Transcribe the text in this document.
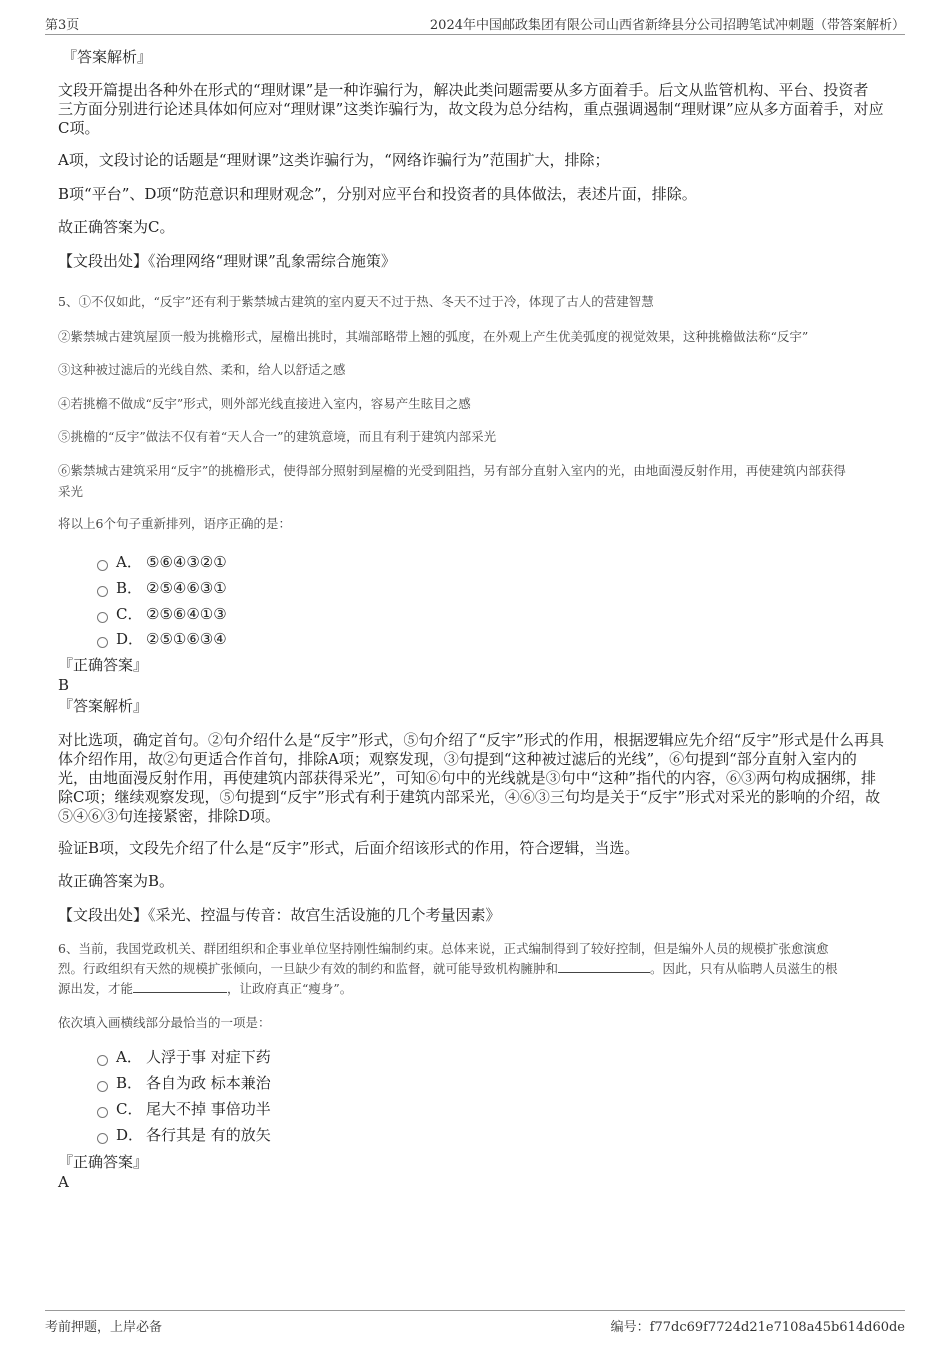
第3页	2024年中国邮政集团有限公司山西省新绛县分公司招聘笔试冲刺题（带答案解析）
『答案解析』
文段开篇提出各种外在形式的“理财课”是一种诈骗行为，解决此类问题需要从多方面着手。后文从监管机构、平台、投资者
三方面分别进行论述具体如何应对“理财课”这类诈骗行为，故文段为总分结构，重点强调遏制“理财课”应从多方面着手，对应
C项。
A项，文段讨论的话题是“理财课”这类诈骗行为，“网络诈骗行为”范围扩大，排除；
B项“平台”、D项“防范意识和理财观念”，分别对应平台和投资者的具体做法，表述片面，排除。
故正确答案为C。
【文段出处】《治理网络“理财课”乱象需综合施策》
5、①不仅如此，“反宇”还有利于紫禁城古建筑的室内夏天不过于热、冬天不过于冷，体现了古人的营建智慧
②紫禁城古建筑屋顶一般为挑檐形式，屋檐出挑时，其端部略带上翘的弧度，在外观上产生优美弧度的视觉效果，这种挑檐做法称“反宇”
③这种被过滤后的光线自然、柔和，给人以舒适之感
④若挑檐不做成“反宇”形式，则外部光线直接进入室内，容易产生眩目之感
⑤挑檐的“反宇”做法不仅有着“天人合一”的建筑意境，而且有利于建筑内部采光
⑥紫禁城古建筑采用“反宇”的挑檐形式，使得部分照射到屋檐的光受到阻挡，另有部分直射入室内的光，由地面漫反射作用，再使建筑内部获得
采光
将以上6个句子重新排列，语序正确的是：
A． ⑤⑥④③②①
B． ②⑤④⑥③①
C． ②⑤⑥④①③
D． ②⑤①⑥③④
『正确答案』
B
『答案解析』
对比选项，确定首句。②句介绍什么是“反宇”形式，⑤句介绍了“反宇”形式的作用，根据逻辑应先介绍“反宇”形式是什么再具
体介绍作用，故②句更适合作首句，排除A项；观察发现，③句提到“这种被过滤后的光线”，⑥句提到“部分直射入室内的
光，由地面漫反射作用，再使建筑内部获得采光”，可知⑥句中的光线就是③句中“这种”指代的内容，⑥③两句构成捆绑，排
除C项；继续观察发现，⑤句提到“反宇”形式有利于建筑内部采光，④⑥③三句均是关于“反宇”形式对采光的影响的介绍，故
⑤④⑥③句连接紧密，排除D项。
验证B项，文段先介绍了什么是“反宇”形式，后面介绍该形式的作用，符合逻辑，当选。
故正确答案为B。
【文段出处】《采光、控温与传音：故宫生活设施的几个考量因素》
6、当前，我国党政机关、群团组织和企事业单位坚持刚性编制约束。总体来说，正式编制得到了较好控制，但是编外人员的规模扩张愈演愈
烈。行政组织有天然的规模扩张倾向，一旦缺少有效的制约和监督，就可能导致机构臃肿和	。因此，只有从临聘人员滋生的根
源出发，才能	，让政府真正“瘦身”。
依次填入画横线部分最恰当的一项是：
A． 人浮于事 对症下药
B． 各自为政 标本兼治
C． 尾大不掉 事倍功半
D． 各行其是 有的放矢
『正确答案』
A
考前押题，上岸必备	编号：f77dc69f7724d21e7108a45b614d60de
